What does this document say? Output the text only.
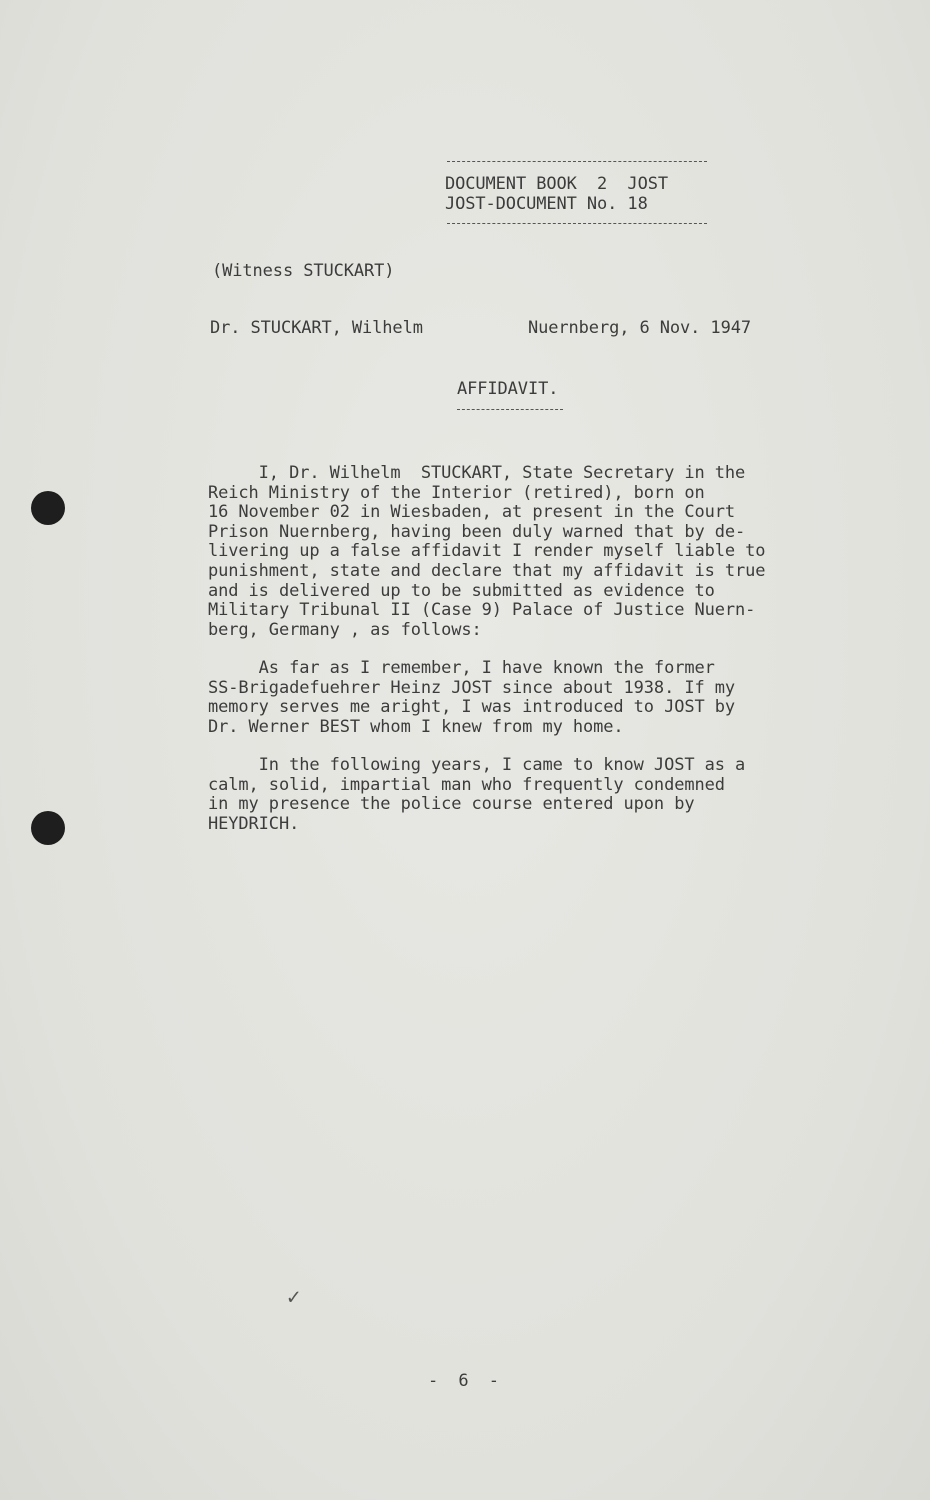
DOCUMENT BOOK  2  JOST
JOST-DOCUMENT No. 18
(Witness STUCKART)
Dr. STUCKART, Wilhelm	Nuernberg, 6 Nov. 1947
AFFIDAVIT.
I, Dr. Wilhelm  STUCKART, State Secretary in the
Reich Ministry of the Interior (retired), born on
16 November 02 in Wiesbaden, at present in the Court
Prison Nuernberg, having been duly warned that by de-
livering up a false affidavit I render myself liable to
punishment, state and declare that my affidavit is true
and is delivered up to be submitted as evidence to
Military Tribunal II (Case 9) Palace of Justice Nuern-
berg, Germany , as follows:
As far as I remember, I have known the former
SS-Brigadefuehrer Heinz JOST since about 1938. If my
memory serves me aright, I was introduced to JOST by
Dr. Werner BEST whom I knew from my home.
In the following years, I came to know JOST as a
calm, solid, impartial man who frequently condemned
in my presence the police course entered upon by
HEYDRICH.
✓
-  6  -
